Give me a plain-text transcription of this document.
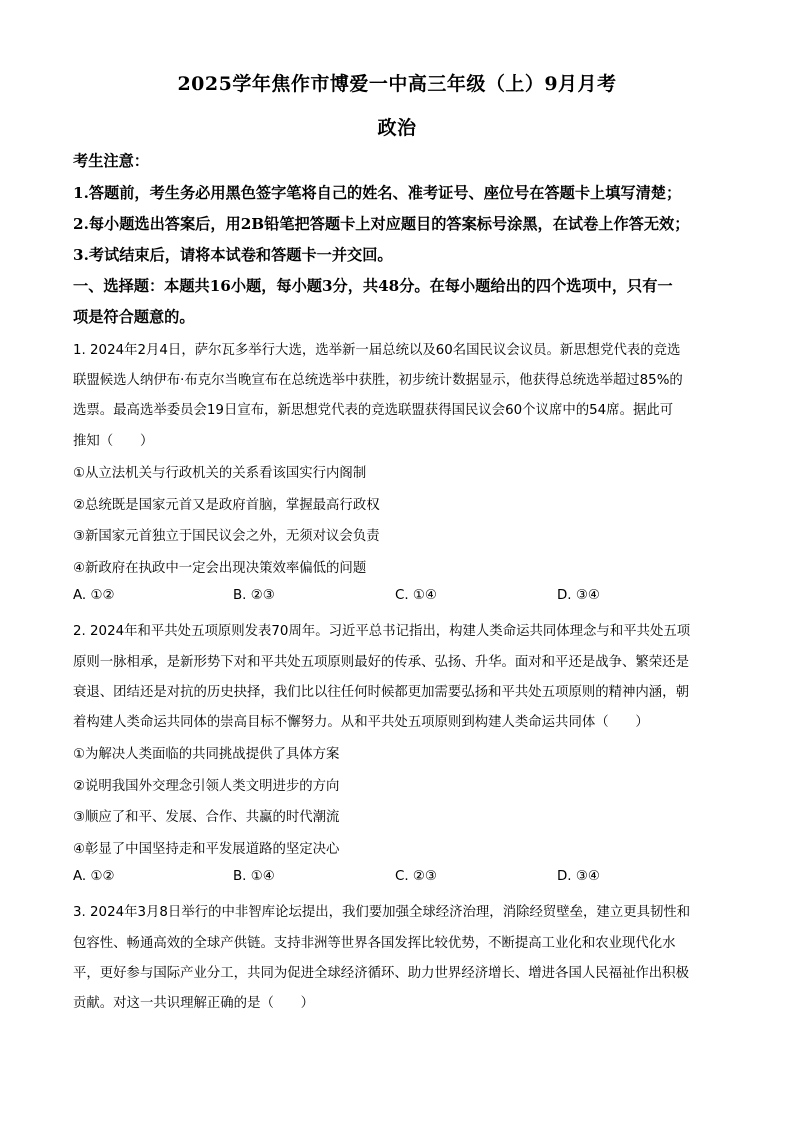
2025学年焦作市博爱一中高三年级（上）9月月考
政治
考生注意：
1.答题前，考生务必用黑色签字笔将自己的姓名、准考证号、座位号在答题卡上填写清楚；
2.每小题选出答案后，用2B铅笔把答题卡上对应题目的答案标号涂黑，在试卷上作答无效；
3.考试结束后，请将本试卷和答题卡一并交回。
一、选择题：本题共16小题，每小题3分，共48分。在每小题给出的四个选项中，只有一
项是符合题意的。
1. 2024年2月4日，萨尔瓦多举行大选，选举新一届总统以及60名国民议会议员。新思想党代表的竞选
联盟候选人纳伊布·布克尔当晚宣布在总统选举中获胜，初步统计数据显示，他获得总统选举超过85%的
选票。最高选举委员会19日宣布，新思想党代表的竞选联盟获得国民议会60个议席中的54席。据此可
推知（　　）
①从立法机关与行政机关的关系看该国实行内阁制
②总统既是国家元首又是政府首脑，掌握最高行政权
③新国家元首独立于国民议会之外，无须对议会负责
④新政府在执政中一定会出现决策效率偏低的问题
A. ①②	B. ②③	C. ①④	D. ③④
2. 2024年和平共处五项原则发表70周年。习近平总书记指出，构建人类命运共同体理念与和平共处五项
原则一脉相承，是新形势下对和平共处五项原则最好的传承、弘扬、升华。面对和平还是战争、繁荣还是
衰退、团结还是对抗的历史抉择，我们比以往任何时候都更加需要弘扬和平共处五项原则的精神内涵，朝
着构建人类命运共同体的崇高目标不懈努力。从和平共处五项原则到构建人类命运共同体（　　）
①为解决人类面临的共同挑战提供了具体方案
②说明我国外交理念引领人类文明进步的方向
③顺应了和平、发展、合作、共赢的时代潮流
④彰显了中国坚持走和平发展道路的坚定决心
A. ①②	B. ①④	C. ②③	D. ③④
3. 2024年3月8日举行的中非智库论坛提出，我们要加强全球经济治理，消除经贸壁垒，建立更具韧性和
包容性、畅通高效的全球产供链。支持非洲等世界各国发挥比较优势，不断提高工业化和农业现代化水
平，更好参与国际产业分工，共同为促进全球经济循环、助力世界经济增长、增进各国人民福祉作出积极
贡献。对这一共识理解正确的是（　　）
